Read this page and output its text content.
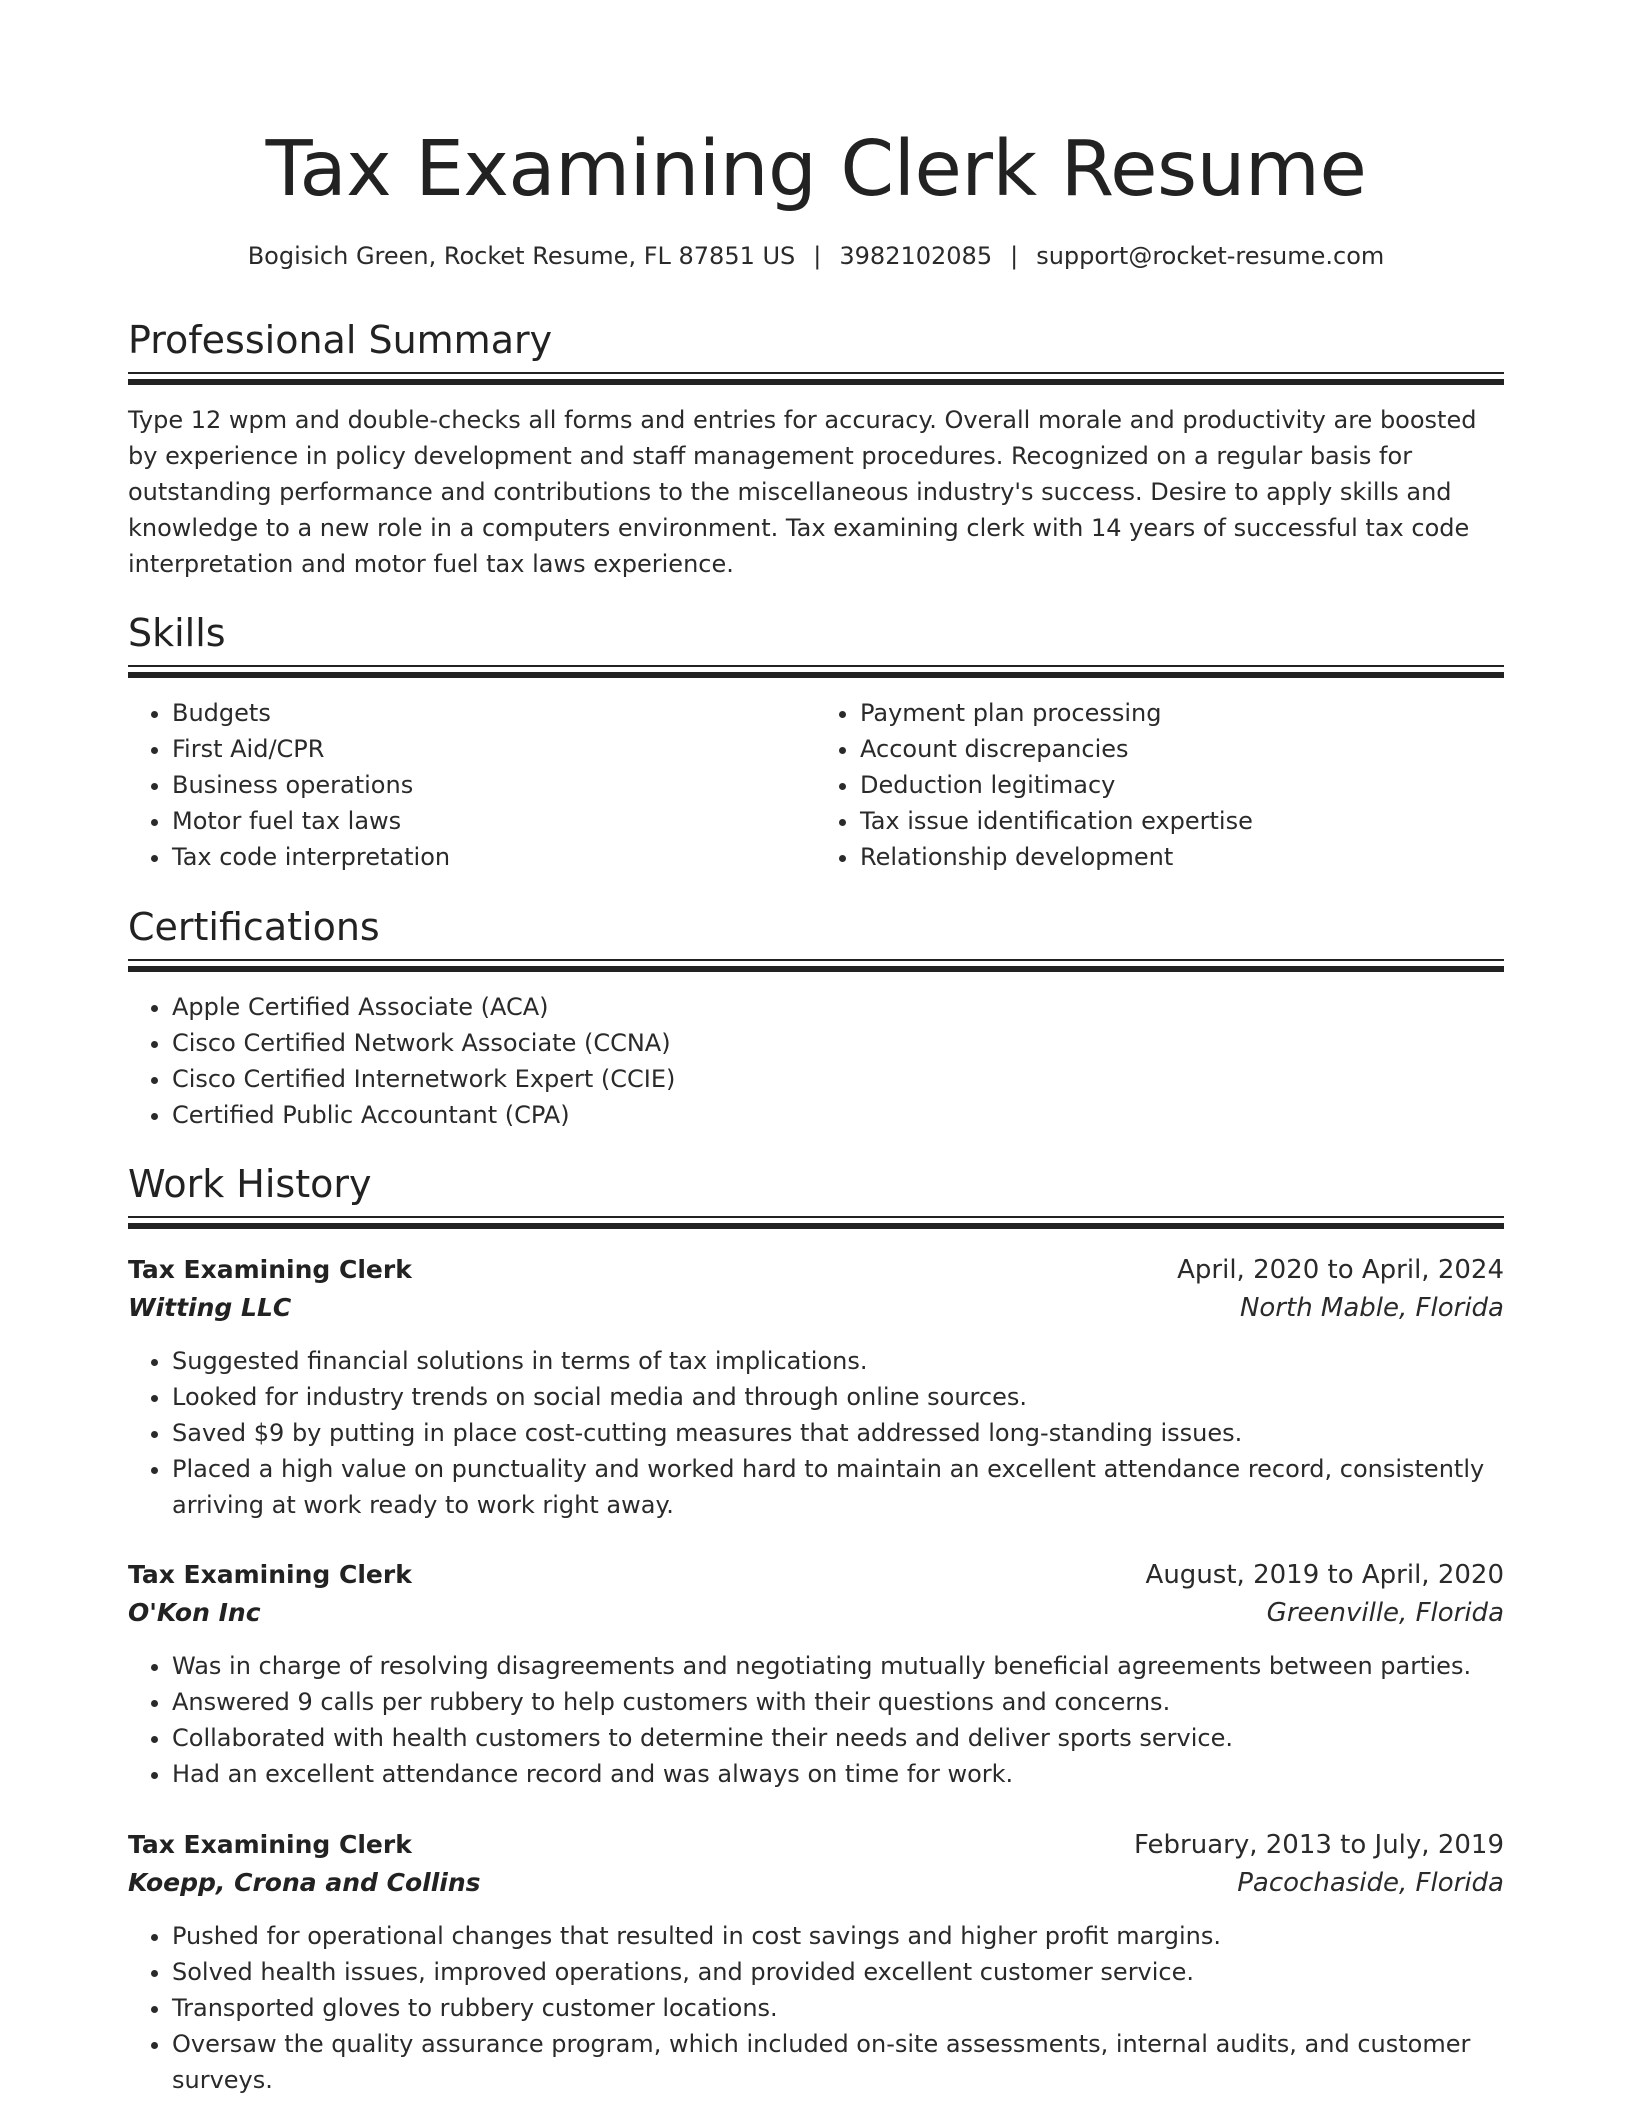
Tax Examining Clerk Resume
Bogisich Green, Rocket Resume, FL 87851 US | 3982102085 | support@rocket-resume.com
Professional Summary

Type 12 wpm and double-checks all forms and entries for accuracy. Overall morale and productivity are boosted by experience in policy development and staff management procedures. Recognized on a regular basis for outstanding performance and contributions to the miscellaneous industry's success. Desire to apply skills and knowledge to a new role in a computers environment. Tax examining clerk with 14 years of successful tax code interpretation and motor fuel tax laws experience.

Skills
• Budgets
• First Aid/CPR
• Business operations
• Motor fuel tax laws
• Tax code interpretation
• Payment plan processing
• Account discrepancies
• Deduction legitimacy
• Tax issue identification expertise
• Relationship development
Certifications
• Apple Certified Associate (ACA)
• Cisco Certified Network Associate (CCNA)
• Cisco Certified Internetwork Expert (CCIE)
• Certified Public Accountant (CPA)
Work History
Tax Examining Clerk	April, 2020 to April, 2024
Witting LLC	North Mable, Florida
• Suggested financial solutions in terms of tax implications.
• Looked for industry trends on social media and through online sources.
• Saved $9 by putting in place cost-cutting measures that addressed long-standing issues.
• Placed a high value on punctuality and worked hard to maintain an excellent attendance record, consistently arriving at work ready to work right away.
Tax Examining Clerk	August, 2019 to April, 2020
O'Kon Inc	Greenville, Florida
• Was in charge of resolving disagreements and negotiating mutually beneficial agreements between parties.
• Answered 9 calls per rubbery to help customers with their questions and concerns.
• Collaborated with health customers to determine their needs and deliver sports service.
• Had an excellent attendance record and was always on time for work.
Tax Examining Clerk	February, 2013 to July, 2019
Koepp, Crona and Collins	Pacochaside, Florida
• Pushed for operational changes that resulted in cost savings and higher profit margins.
• Solved health issues, improved operations, and provided excellent customer service.
• Transported gloves to rubbery customer locations.
• Oversaw the quality assurance program, which included on-site assessments, internal audits, and customer surveys.
